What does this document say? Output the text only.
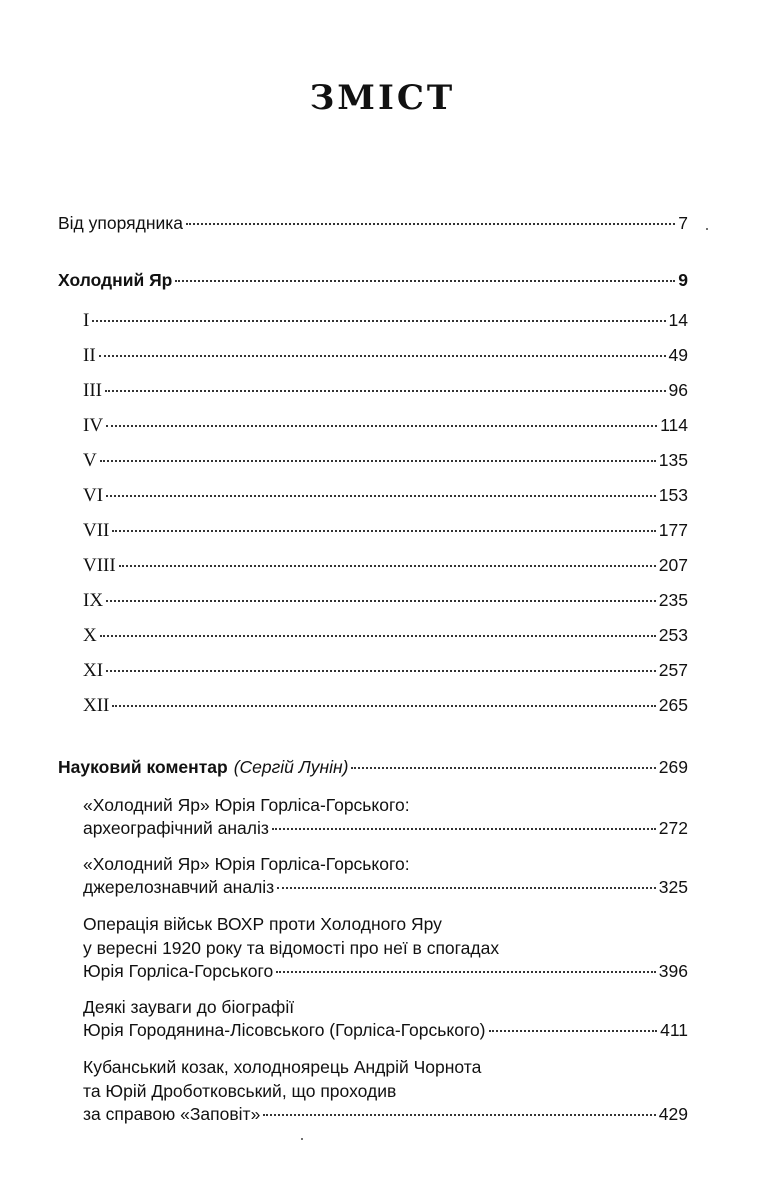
ЗМІСТ
Від упорядника	7
Холодний Яр	9
I	14
II	49
III	96
IV	114
V	135
VI	153
VII	177
VIII	207
IX	235
X	253
XI	257
XII	265
Науковий коментар (Сергій Лунін)	269
«Холодний Яр» Юрія Горліса-Горського:
археографічний аналіз	272
«Холодний Яр» Юрія Горліса-Горського:
джерелознавчий аналіз	325
Операція військ ВОХР проти Холодного Яру
у вересні 1920 року та відомості про неї в спогадах
Юрія Горліса-Горського	396
Деякі зауваги до біографії
Юрія Городянина-Лісовського (Горліса-Горського)	411
Кубанський козак, холодноярець Андрій Чорнота
та Юрій Дроботковський, що проходив
за справою «Заповіт»	429
